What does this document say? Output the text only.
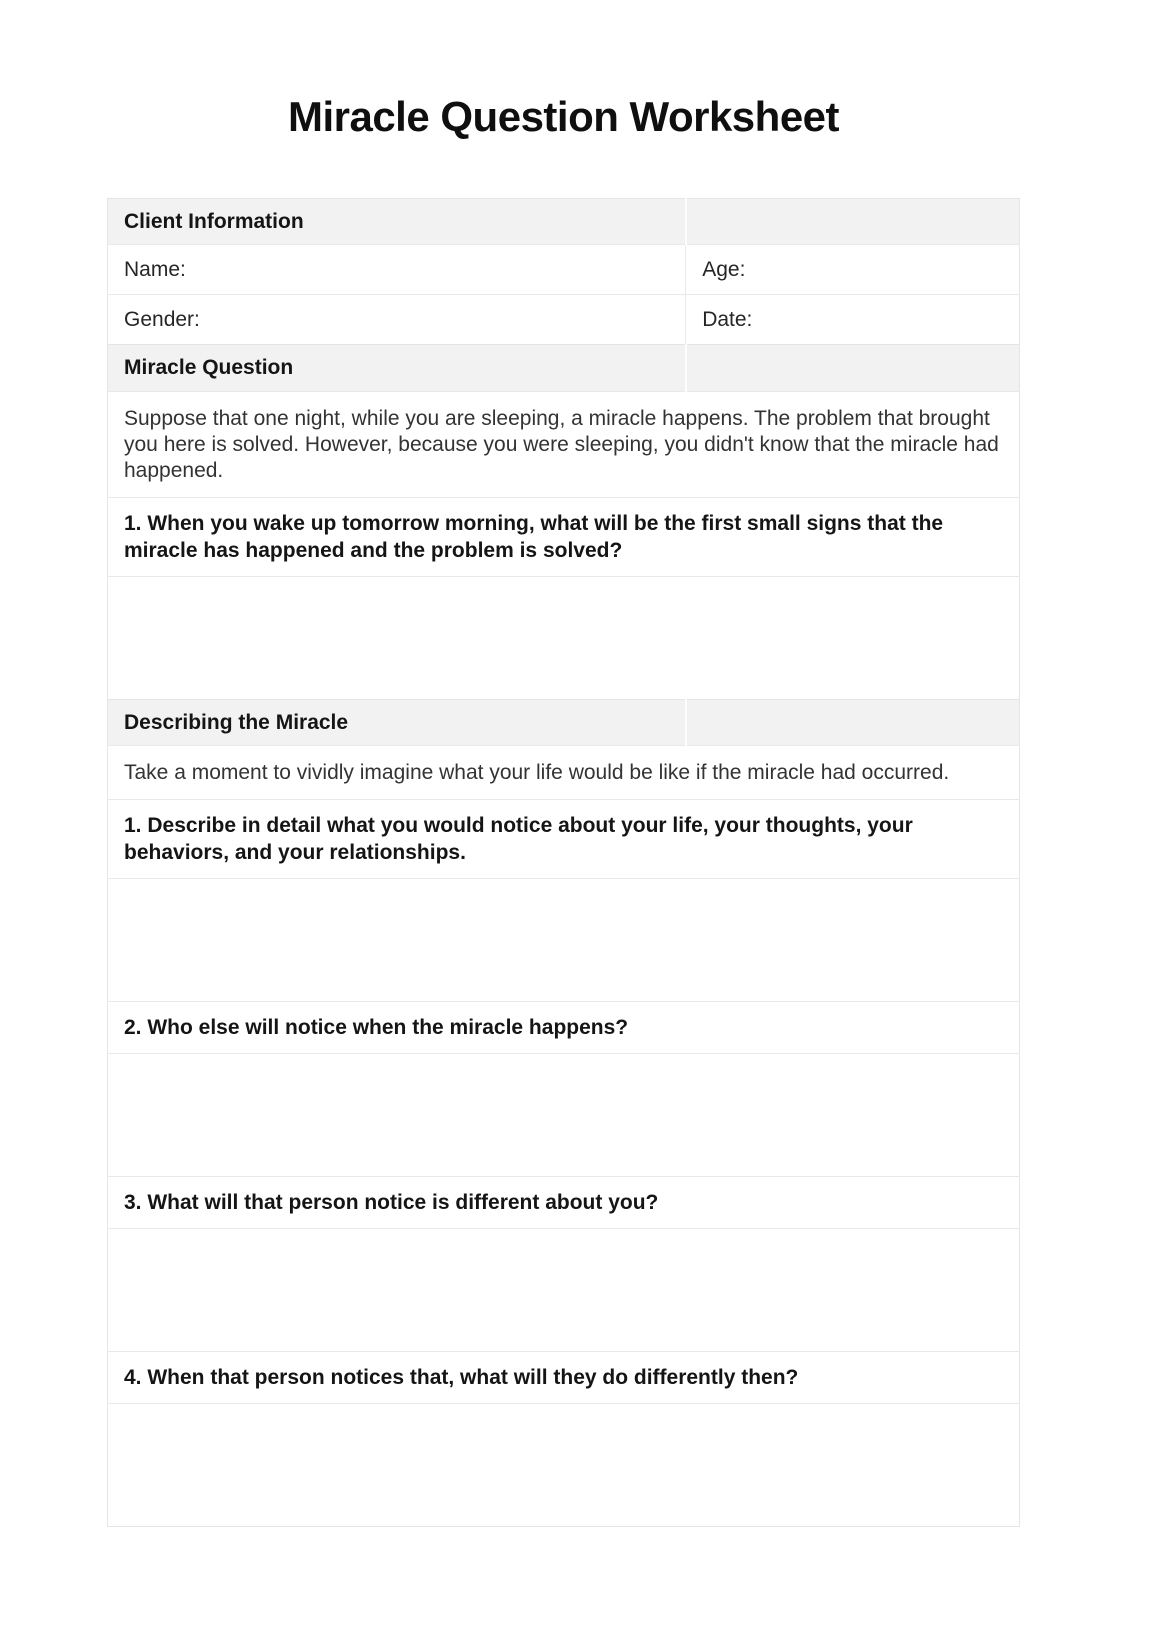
Miracle Question Worksheet
Client Information	
Name:	Age:
Gender:	Date:
Miracle Question	
Suppose that one night, while you are sleeping, a miracle happens. The problem that brought you here is solved. However, because you were sleeping, you didn't know that the miracle had happened.	
1. When you wake up tomorrow morning, what will be the first small signs that the miracle has happened and the problem is solved?	

Describing the Miracle	
Take a moment to vividly imagine what your life would be like if the miracle had occurred.	
1. Describe in detail what you would notice about your life, your thoughts, your behaviors, and your relationships.	

2. Who else will notice when the miracle happens?	

3. What will that person notice is different about you?	

4. When that person notices that, what will they do differently then?	
